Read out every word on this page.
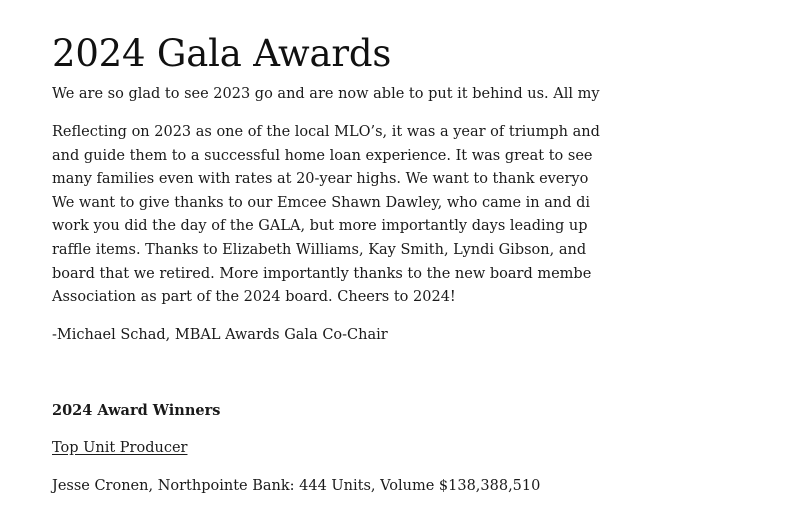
2024 Gala Awards

We are so glad to see 2023 go and are now able to put it behind us. All my

Reflecting on 2023 as one of the local MLO’s, it was a year of triumph and
and guide them to a successful home loan experience. It was great to see
many families even with rates at 20-year highs. We want to thank everyo
We want to give thanks to our Emcee Shawn Dawley, who came in and di
work you did the day of the GALA, but more importantly days leading up
raffle items. Thanks to Elizabeth Williams, Kay Smith, Lyndi Gibson, and
board that we retired. More importantly thanks to the new board membe
Association as part of the 2024 board. Cheers to 2024!

-Michael Schad, MBAL Awards Gala Co-Chair

2024 Award Winners

Top Unit Producer

Jesse Cronen, Northpointe Bank: 444 Units, Volume $138,388,510
